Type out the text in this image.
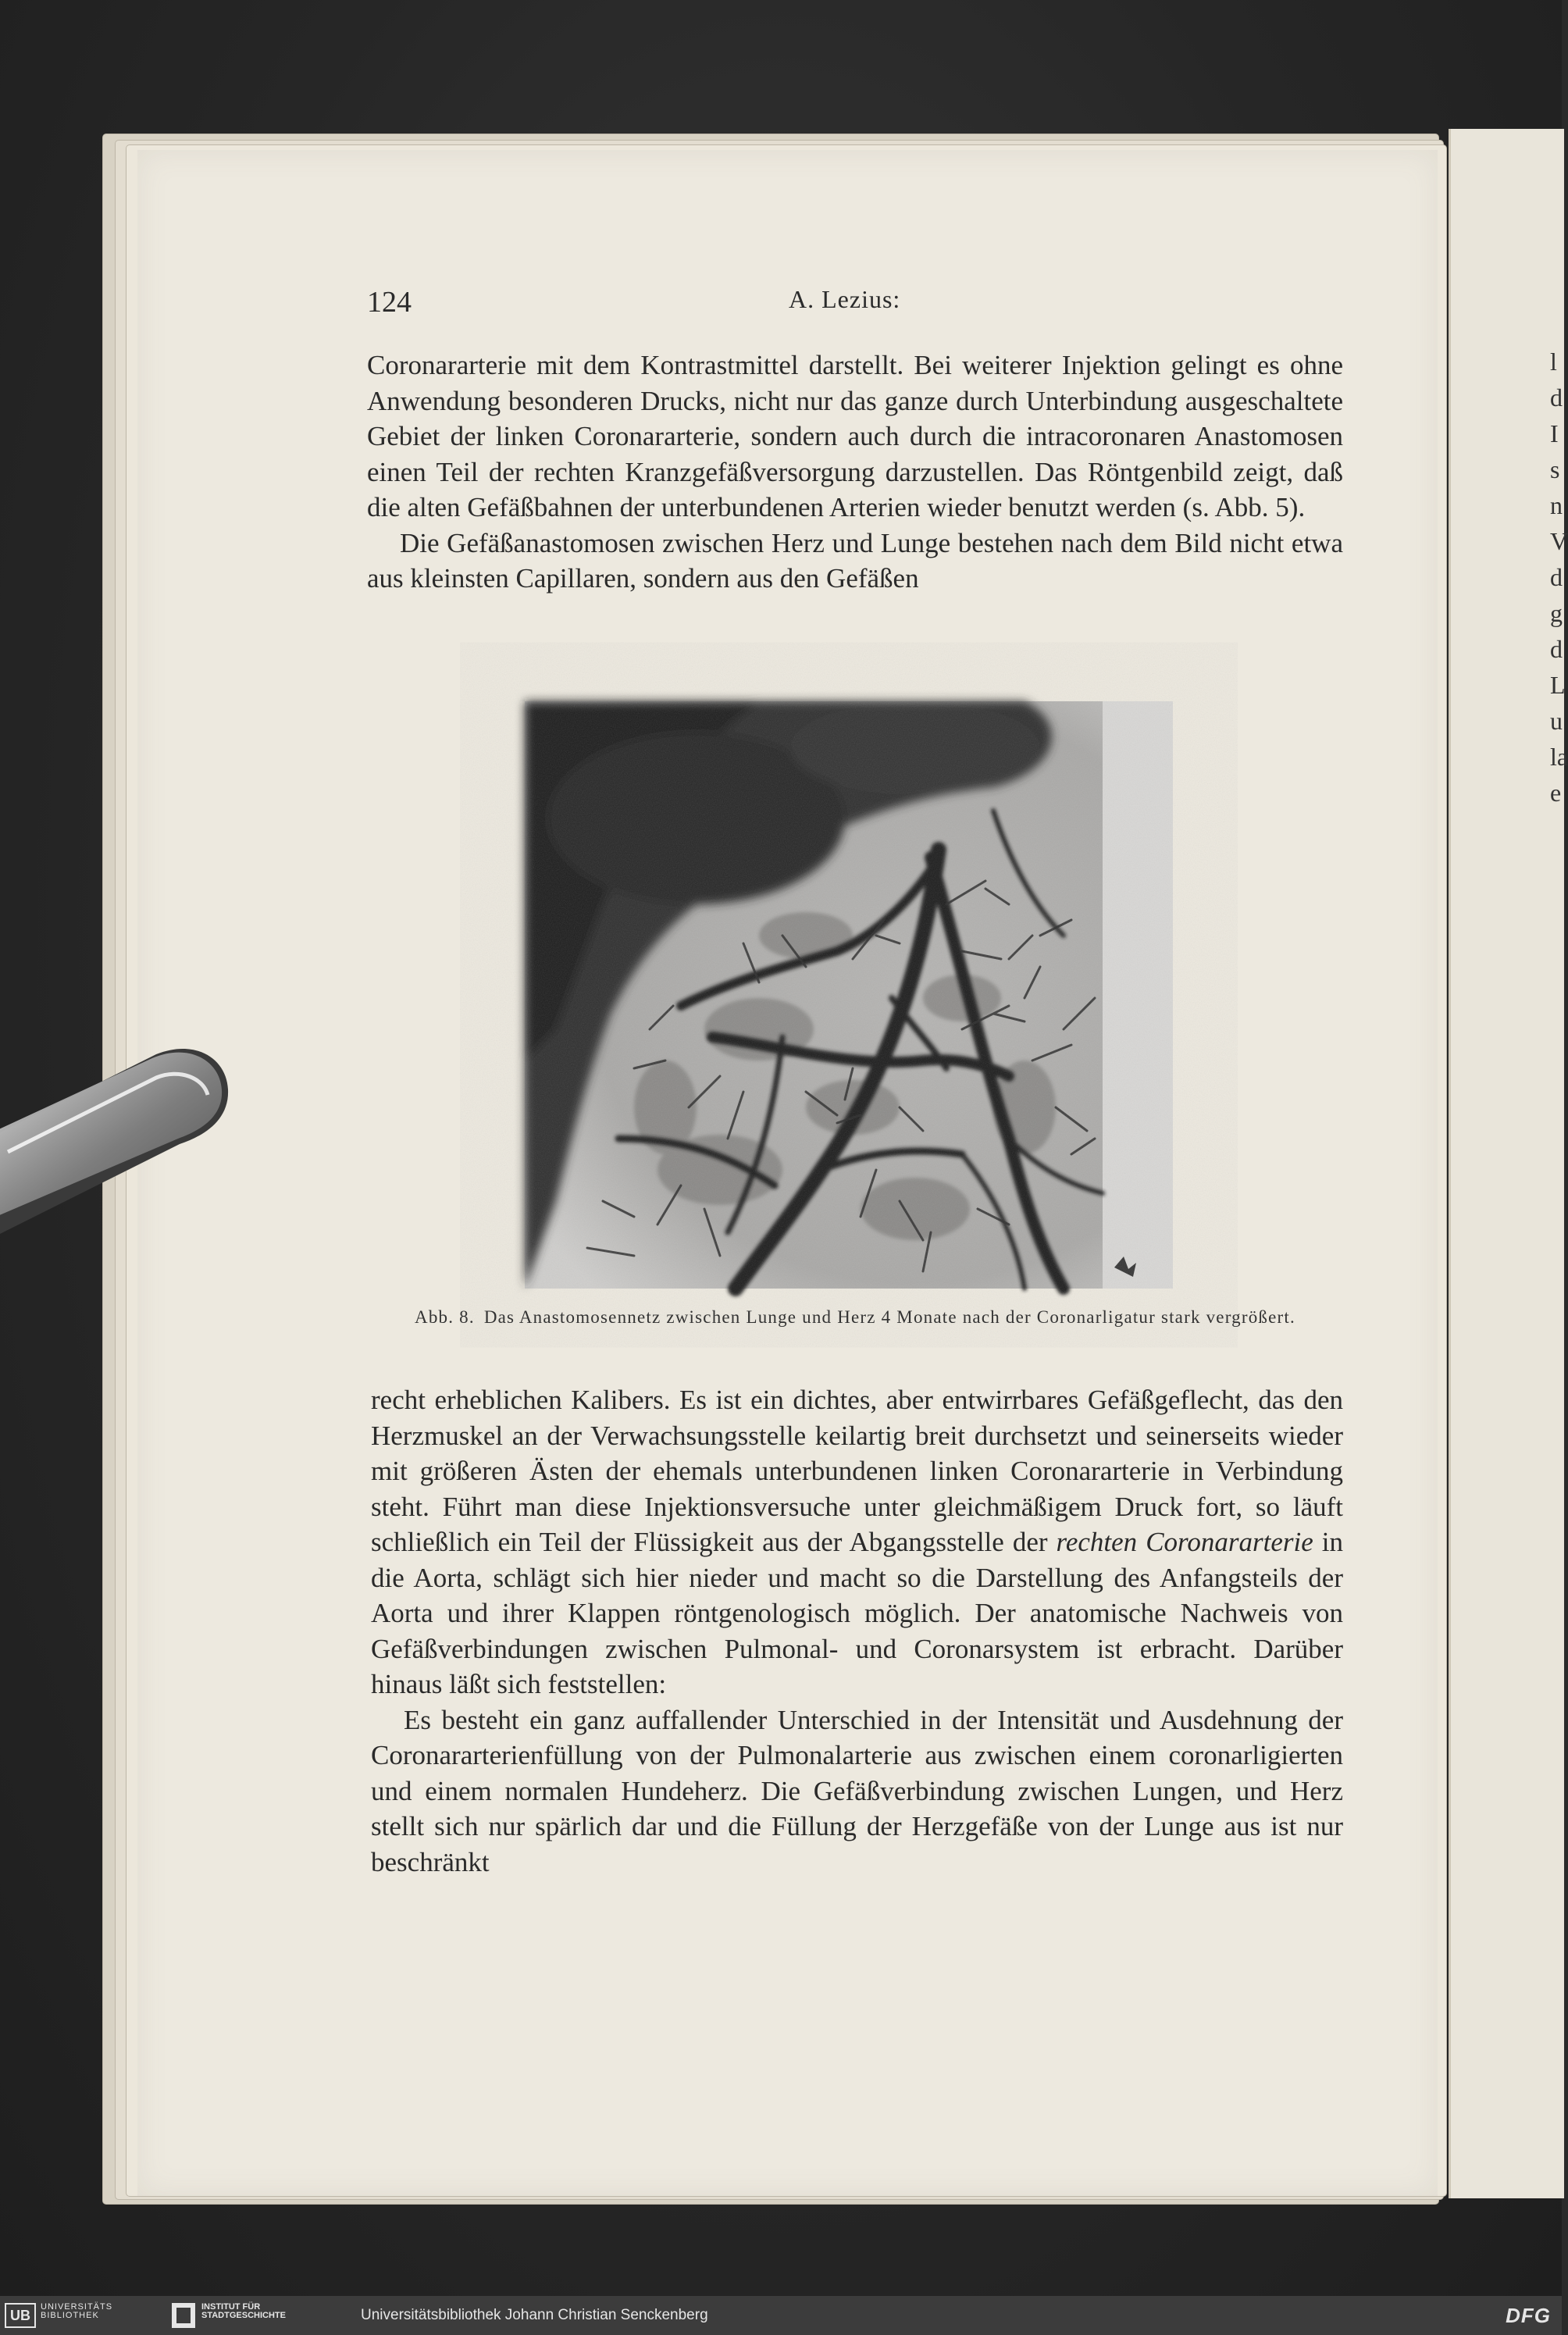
l
d
I
s
n
V
d
g
d
L
u
la
e
124	A. Lezius:

Coronararterie mit dem Kontrastmittel darstellt. Bei weiterer Injektion gelingt es ohne Anwendung besonderen Drucks, nicht nur das ganze durch Unterbindung ausgeschaltete Gebiet der linken Coronararterie, sondern auch durch die intracoronaren Anastomosen einen Teil der rechten Kranzgefäßversorgung darzustellen. Das Röntgenbild zeigt, daß die alten Gefäßbahnen der unterbundenen Arterien wieder benutzt werden (s. Abb. 5).

Die Gefäßanastomosen zwischen Herz und Lunge bestehen nach dem Bild nicht etwa aus kleinsten Capillaren, sondern aus den Gefäßen

Abb. 8. Das Anastomosennetz zwischen Lunge und Herz 4 Monate nach der Coronarligatur stark vergrößert.

recht erheblichen Kalibers. Es ist ein dichtes, aber entwirrbares Gefäßgeflecht, das den Herzmuskel an der Verwachsungsstelle keilartig breit durchsetzt und seinerseits wieder mit größeren Ästen der ehemals unterbundenen linken Coronararterie in Verbindung steht. Führt man diese Injektionsversuche unter gleichmäßigem Druck fort, so läuft schließlich ein Teil der Flüssigkeit aus der Abgangsstelle der rechten Coronararterie in die Aorta, schlägt sich hier nieder und macht so die Darstellung des Anfangsteils der Aorta und ihrer Klappen röntgenologisch möglich. Der anatomische Nachweis von Gefäßverbindungen zwischen Pulmonal- und Coronarsystem ist erbracht. Darüber hinaus läßt sich feststellen:

Es besteht ein ganz auffallender Unterschied in der Intensität und Ausdehnung der Coronararterienfüllung von der Pulmonalarterie aus zwischen einem coronarligierten und einem normalen Hundeherz. Die Gefäßverbindung zwischen Lungen, und Herz stellt sich nur spärlich dar und die Füllung der Herzgefäße von der Lunge aus ist nur beschränkt

UB
UNIVERSITÄTS
BIBLIOTHEK
INSTITUT FÜR
STADTGESCHICHTE	Universitätsbibliothek Johann Christian Senckenberg	DFG
